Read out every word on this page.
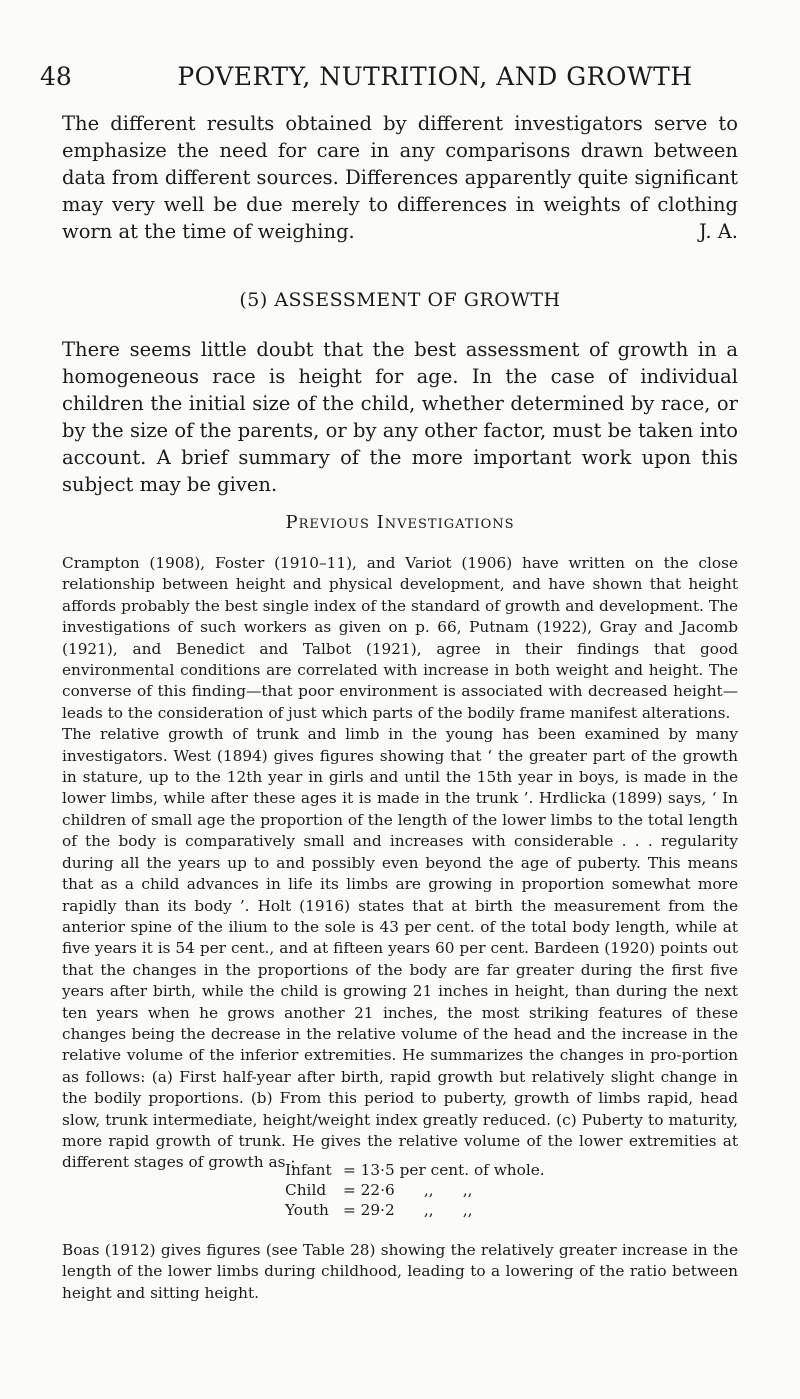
48	POVERTY, NUTRITION, AND GROWTH

The different results obtained by different investigators serve to emphasize the need for care in any comparisons drawn between data from different sources. Differences apparently quite significant may very well be due merely to differences in weights of clothing worn at the time of weighing.	J. A.

(5) ASSESSMENT OF GROWTH

There seems little doubt that the best assessment of growth in a homogeneous race is height for age. In the case of individual children the initial size of the child, whether determined by race, or by the size of the parents, or by any other factor, must be taken into account. A brief summary of the more important work upon this subject may be given.

Previous Investigations

Crampton (1908), Foster (1910–11), and Variot (1906) have written on the close relationship between height and physical development, and have shown that height affords probably the best single index of the standard of growth and development. The investigations of such workers as given on p. 66, Putnam (1922), Gray and Jacomb (1921), and Benedict and Talbot (1921), agree in their findings that good environmental conditions are correlated with increase in both weight and height. The converse of this finding—that poor environment is associated with decreased height—leads to the consideration of just which parts of the bodily frame manifest alterations.

The relative growth of trunk and limb in the young has been examined by many investigators. West (1894) gives figures showing that ‘ the greater part of the growth in stature, up to the 12th year in girls and until the 15th year in boys, is made in the lower limbs, while after these ages it is made in the trunk ’. Hrdlicka (1899) says, ‘ In children of small age the proportion of the length of the lower limbs to the total length of the body is comparatively small and increases with considerable . . . regularity during all the years up to and possibly even beyond the age of puberty. This means that as a child advances in life its limbs are growing in proportion somewhat more rapidly than its body ’. Holt (1916) states that at birth the measurement from the anterior spine of the ilium to the sole is 43 per cent. of the total body length, while at five years it is 54 per cent., and at fifteen years 60 per cent. Bardeen (1920) points out that the changes in the proportions of the body are far greater during the first five years after birth, while the child is growing 21 inches in height, than during the next ten years when he grows another 21 inches, the most striking features of these changes being the decrease in the relative volume of the head and the increase in the relative volume of the inferior extremities. He summarizes the changes in pro-portion as follows: (a) First half-year after birth, rapid growth but relatively slight change in the bodily proportions. (b) From this period to puberty, growth of limbs rapid, head slow, trunk intermediate, height/weight index greatly reduced. (c) Puberty to maturity, more rapid growth of trunk. He gives the relative volume of the lower extremities at different stages of growth as :

Infant = 13·5 per cent. of whole.
Child	= 22·6      ,,      ,,
Youth = 29·2      ,,      ,,

Boas (1912) gives figures (see Table 28) showing the relatively greater increase in the length of the lower limbs during childhood, leading to a lowering of the ratio between height and sitting height.
